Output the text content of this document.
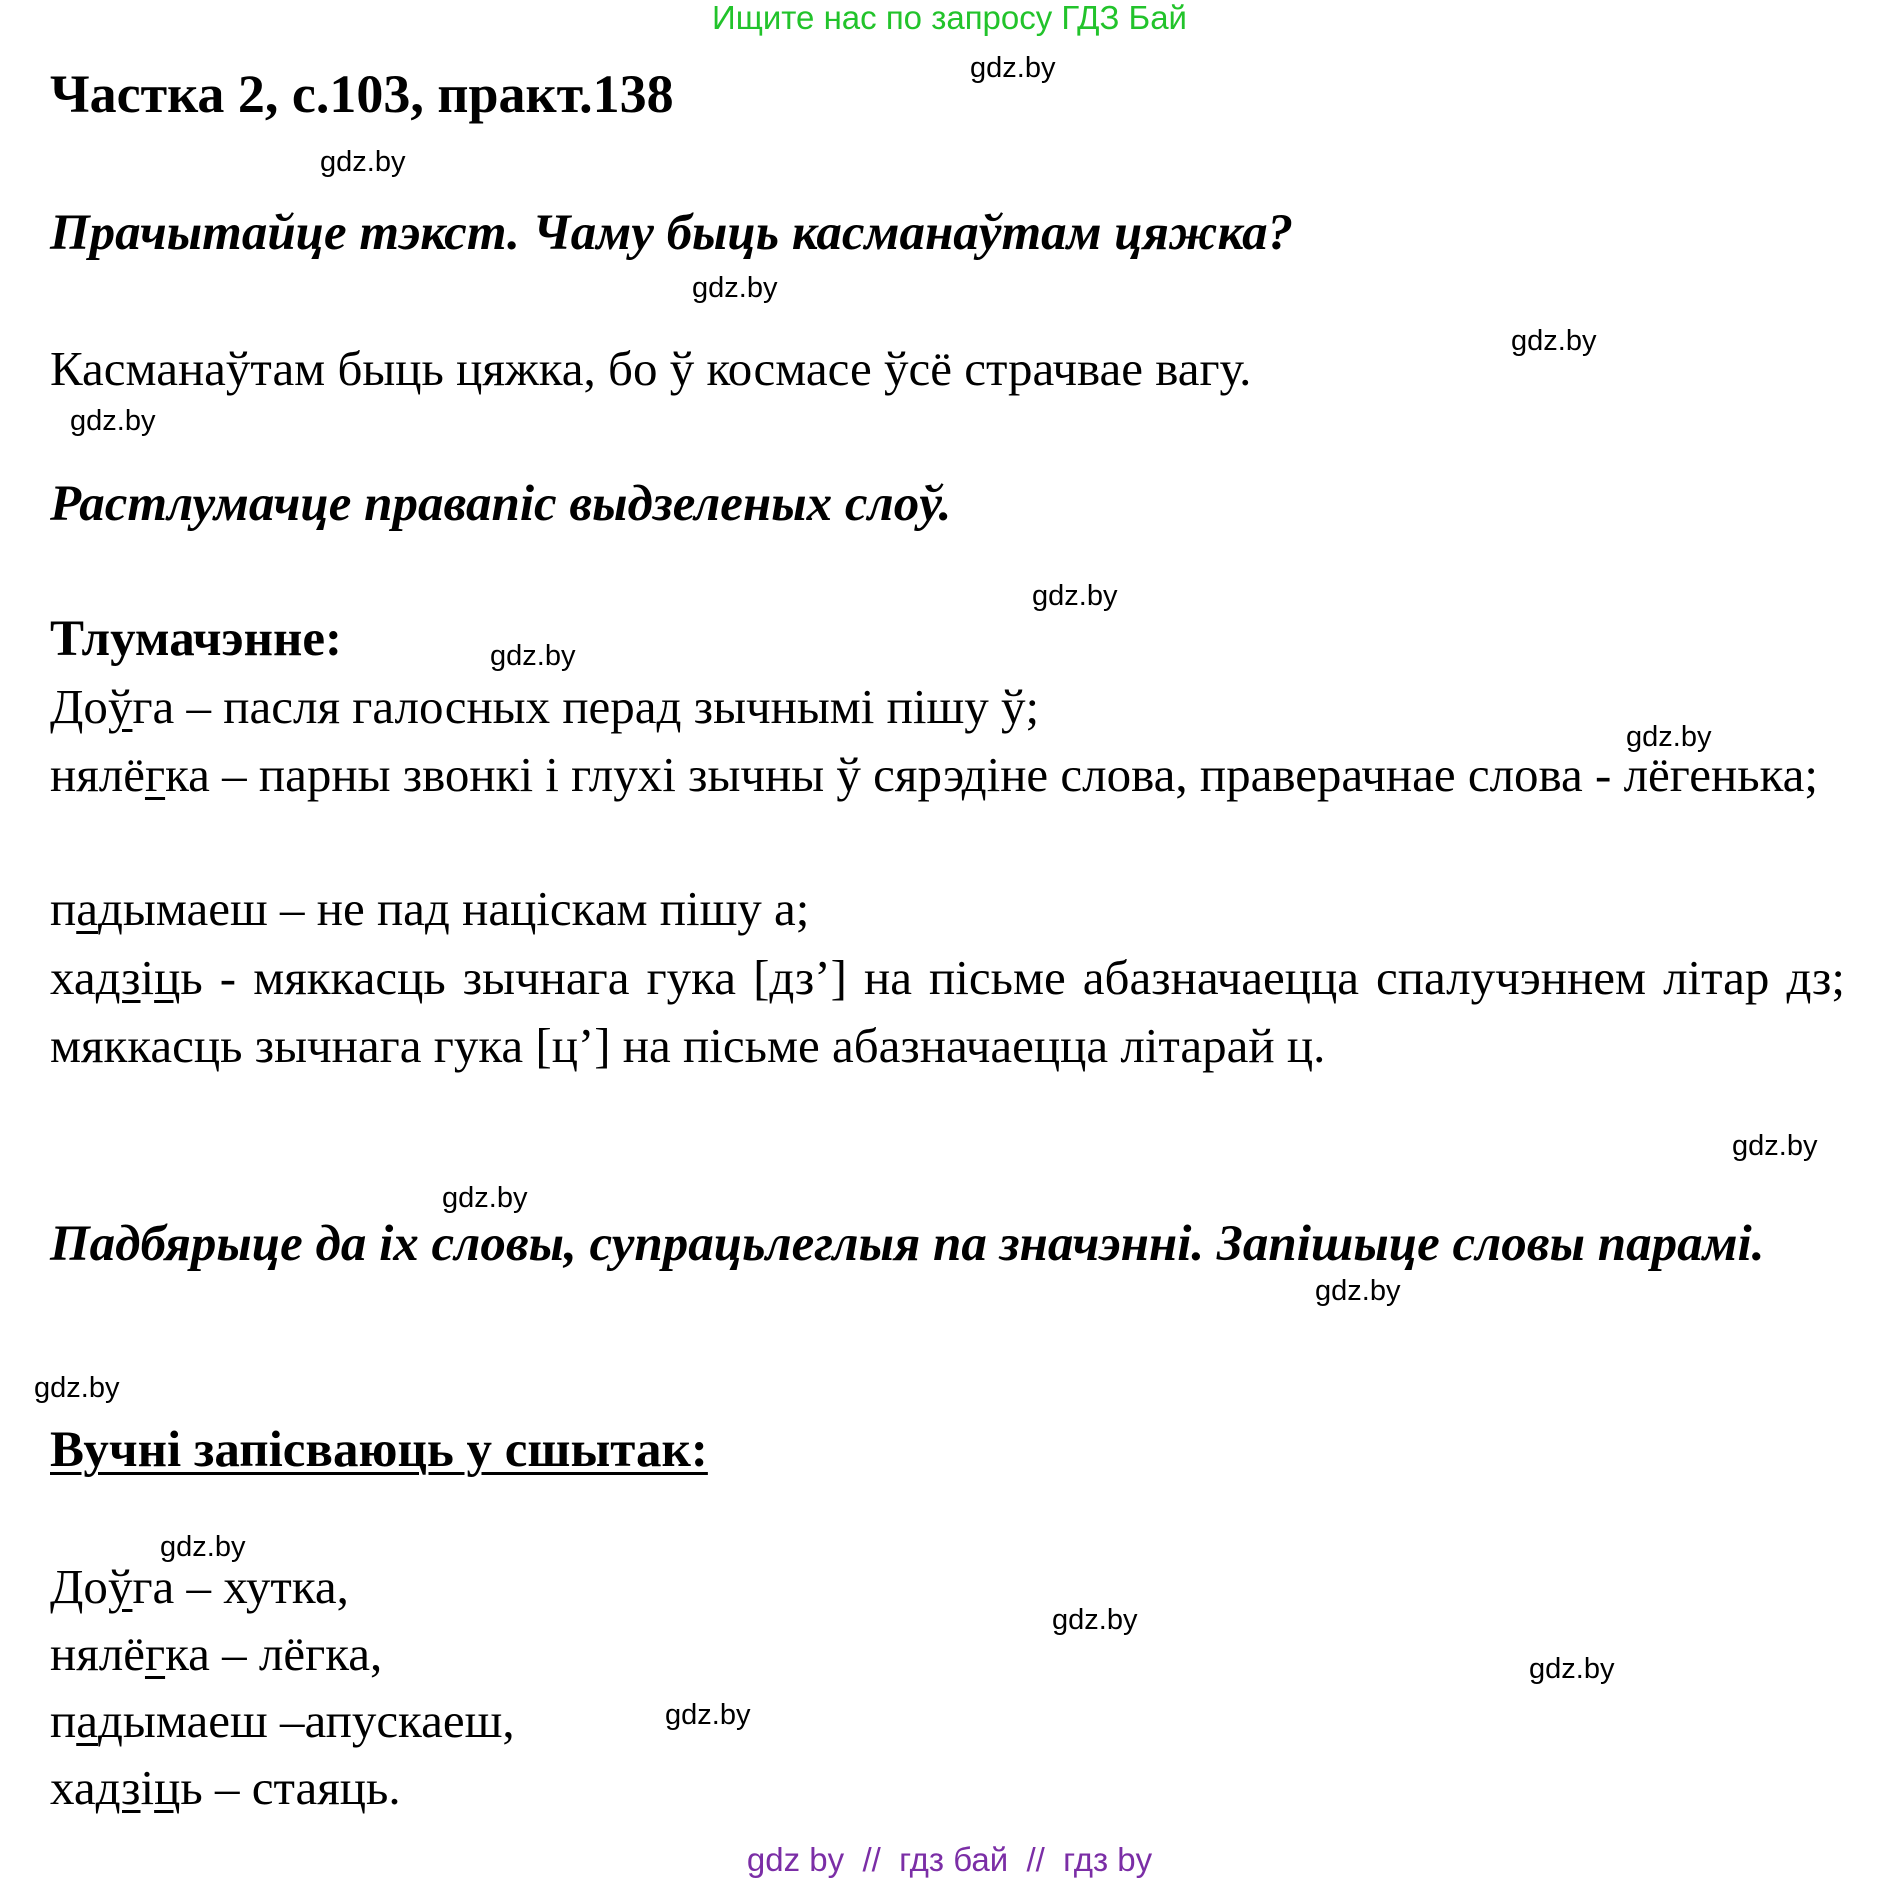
Ищите нас по запросу ГДЗ Бай
gdz.by
gdz.by
gdz.by
gdz.by
gdz.by
gdz.by
gdz.by
gdz.by
gdz.by
gdz.by
gdz.by
gdz.by
gdz.by
gdz.by
gdz.by
gdz.by
Частка 2, с.103, практ.138
Прачытайце тэкст. Чаму быць касманаўтам цяжка?
Касманаўтам быць цяжка, бо ў космасе ўсё страчвае вагу.
Растлумачце правапіс выдзеленых слоў.
Тлумачэнне:
Доўга – пасля галосных перад зычнымі пішу ў;
нялёгка – парны звонкі і глухі зычны ў сярэдіне слова, праверачнае слова - лёгенька;
падымаеш – не пад націскам пішу а;
хадзіць - мяккасць зычнага гука [дз’] на пісьме абазначаецца спалучэннем літар дз; мяккасць зычнага гука [ц’] на пісьме абазначаецца літарай ц.
Падбярыце да іх словы, супрацьлеглыя па значэнні. Запішыце словы парамі.
Вучні запісваюць у сшытак:
Доўга – хутка,
нялёгка – лёгка,
падымаеш –апускаеш,
хадзіць – стаяць.
gdz by  //  гдз бай  //  гдз by
